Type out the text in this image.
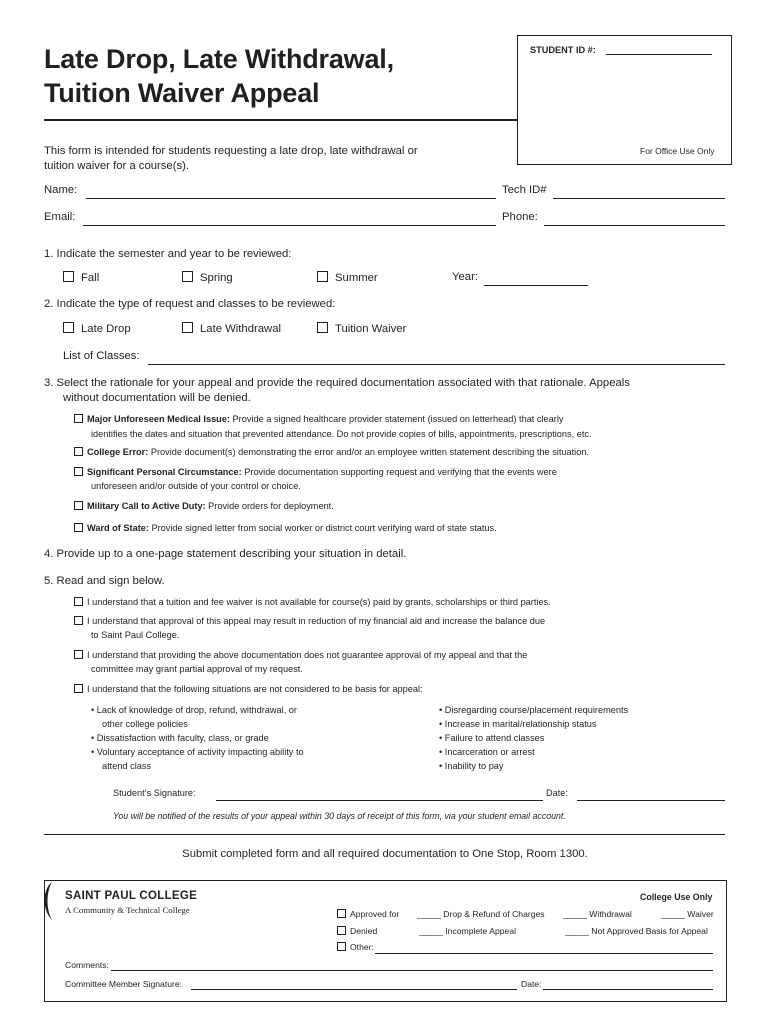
Late Drop, Late Withdrawal,
Tuition Waiver Appeal
STUDENT ID #:
For Office Use Only
This form is intended for students requesting a late drop, late withdrawal or
tuition waiver for a course(s).
Name:	Tech ID#
Email:	Phone:
1. Indicate the semester and year to be reviewed:
Fall	Spring	Summer	Year:
2. Indicate the type of request and classes to be reviewed:
Late Drop	Late Withdrawal	Tuition Waiver
List of Classes:
3. Select the rationale for your appeal and provide the required documentation associated with that rationale. Appeals
without documentation will be denied.
Major Unforeseen Medical Issue: Provide a signed healthcare provider statement (issued on letterhead) that clearly
identifies the dates and situation that prevented attendance. Do not provide copies of bills, appointments, prescriptions, etc.
College Error: Provide document(s) demonstrating the error and/or an employee written statement describing the situation.
Significant Personal Circumstance: Provide documentation supporting request and verifying that the events were
unforeseen and/or outside of your control or choice.
Military Call to Active Duty: Provide orders for deployment.
Ward of State: Provide signed letter from social worker or district court verifying ward of state status.
4. Provide up to a one-page statement describing your situation in detail.
5. Read and sign below.
I understand that a tuition and fee waiver is not available for course(s) paid by grants, scholarships or third parties.
I understand that approval of this appeal may result in reduction of my financial aid and increase the balance due
to Saint Paul College.
I understand that providing the above documentation does not guarantee approval of my appeal and that the
committee may grant partial approval of my request.
I understand that the following situations are not considered to be basis for appeal:
• Lack of knowledge of drop, refund, withdrawal, or
other college policies
• Dissatisfaction with faculty, class, or grade
• Voluntary acceptance of activity impacting ability to
attend class
• Disregarding course/placement requirements
• Increase in marital/relationship status
• Failure to attend classes
• Incarceration or arrest
• Inability to pay
Student’s Signature:	Date:
You will be notified of the results of your appeal within 30 days of receipt of this form, via your student email account.
Submit completed form and all required documentation to One Stop, Room 1300.
SAINT PAUL COLLEGE
A Community & Technical College
College Use Only
Approved for _____ Drop & Refund of Charges _____ Withdrawal	_____ Waiver
Denied	_____ Incomplete Appeal	_____ Not Approved Basis for Appeal
Other:
Comments:
Committee Member Signature:	Date:
